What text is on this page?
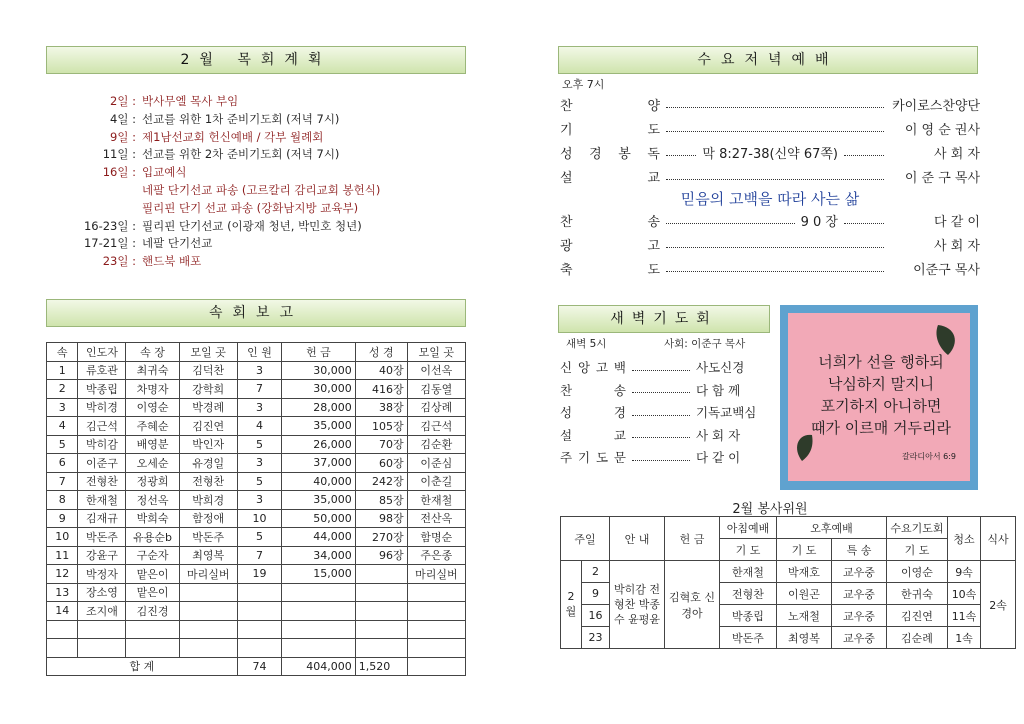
2월 목회계획
2일 : 박사무엘 목사 부임
4일 : 선교를 위한 1차 준비기도회 (저녁 7시)
9일 : 제1남선교회 헌신예배 / 각부 월례회
11일 : 선교를 위한 2차 준비기도회 (저녁 7시)
16일 : 입교예식
네팔 단기선교 파송 (고르칼리 감리교회 봉헌식)
필리핀 단기 선교 파송 (강화남지방 교육부)
16-23일 : 필리핀 단기선교 (이광재 청년, 박민호 청년)
17-21일 : 네팔 단기선교
23일 : 핸드북 배포
속회보고
속	인도자	속 장	모일 곳	인 원	헌 금	성 경	모일 곳
1	류호관	최귀숙	김덕찬	3	30,000	40장	이선옥
2	박종립	차명자	강학희	7	30,000	416장	김동열
3	박히경	이영순	박경례	3	28,000	38장	김상례
4	김근석	주혜순	김진연	4	35,000	105장	김근석
5	박히감	배영분	박인자	5	26,000	70장	김순환
6	이준구	오세순	유경일	3	37,000	60장	이준심
7	전형찬	정광희	전형찬	5	40,000	242장	이춘길
8	한재철	정선옥	박희경	3	35,000	85장	한재철
9	김재규	박희숙	함정애	10	50,000	98장	전산옥
10	박돈주	유용순b	박돈주	5	44,000	270장	함명순
11	강윤구	구순자	최영복	7	34,000	96장	주은종
12	박정자	맡은이	마리실버	19	15,000		마리실버
13	장소영	맡은이					
14	조지애	김진경					

합 계				74	404,000	1,520	
수요저녁예배
오후 7시
찬	양	카이로스찬양단
기	도	이 영 순 권사
성 경 봉 독	막 8:27-38(신약 67쪽)	사 회 자
설	교	이 준 구 목사
믿음의 고백을 따라 사는 삶
찬	송	9 0 장	다 같 이
광	고	사 회 자
축	도	이준구 목사
새벽기도회
새벽 5시	사회: 이준구 목사
신 앙 고 백	사도신경
찬	송	다 함 께
성	경	기독교백심
설	교	사 회 자
주 기 도 문	다 같 이
너희가 선을 행하되
낙심하지 말지니
포기하지 아니하면
때가 이르매 거두리라
갈라디아서 6:9
2월 봉사위원
주일		안 내	헌 금	아침예배	오후예배		수요기도회	청소	식사
				기 도	기 도	특 송	기 도		
2 월	2	박히감 전형찬 박종수 윤평윤	김혁호 신경아	한재철	박재호	교우중	이영순	9속	2속
	9			전형찬	이원곤	교우중	한귀숙	10속	
	16			박종립	노재철	교우중	김진연	11속	
	23			박돈주	최영복	교우중	김순례	1속	
